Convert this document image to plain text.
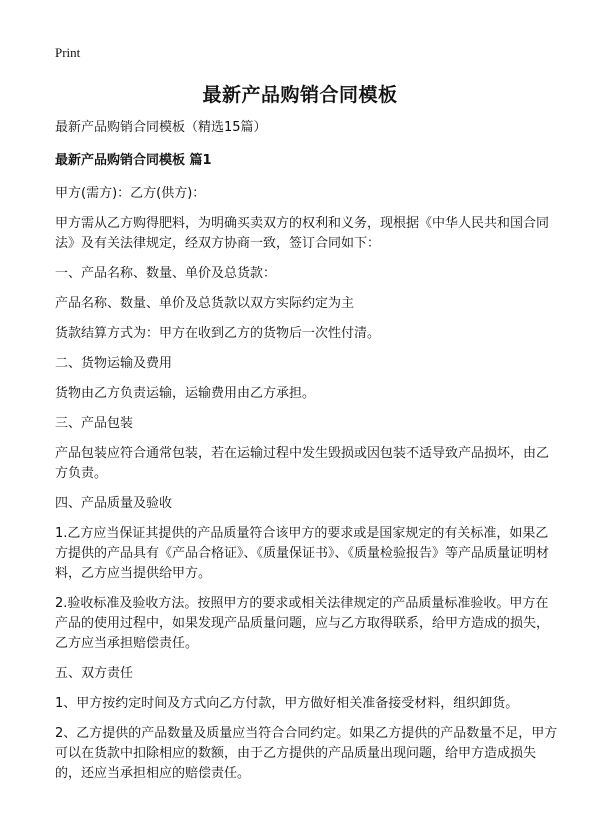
Print
最新产品购销合同模板

最新产品购销合同模板（精选15篇）

最新产品购销合同模板 篇1

甲方(需方)：乙方(供方)：

甲方需从乙方购得肥料，为明确买卖双方的权利和义务，现根据《中华人民共和国合同法》及有关法律规定，经双方协商一致，签订合同如下：

一、产品名称、数量、单价及总货款：

产品名称、数量、单价及总货款以双方实际约定为主

货款结算方式为：甲方在收到乙方的货物后一次性付清。

二、货物运输及费用

货物由乙方负责运输，运输费用由乙方承担。

三、产品包装

产品包装应符合通常包装，若在运输过程中发生毁损或因包装不适导致产品损坏，由乙方负责。

四、产品质量及验收

1.乙方应当保证其提供的产品质量符合该甲方的要求或是国家规定的有关标准，如果乙方提供的产品具有《产品合格证》、《质量保证书》、《质量检验报告》等产品质量证明材料，乙方应当提供给甲方。

2.验收标准及验收方法。按照甲方的要求或相关法律规定的产品质量标准验收。甲方在产品的使用过程中，如果发现产品质量问题，应与乙方取得联系，给甲方造成的损失，乙方应当承担赔偿责任。

五、双方责任

1、甲方按约定时间及方式向乙方付款，甲方做好相关准备接受材料，组织卸货。

2、乙方提供的产品数量及质量应当符合合同约定。如果乙方提供的产品数量不足，甲方可以在货款中扣除相应的数额，由于乙方提供的产品质量出现问题，给甲方造成损失的，还应当承担相应的赔偿责任。
